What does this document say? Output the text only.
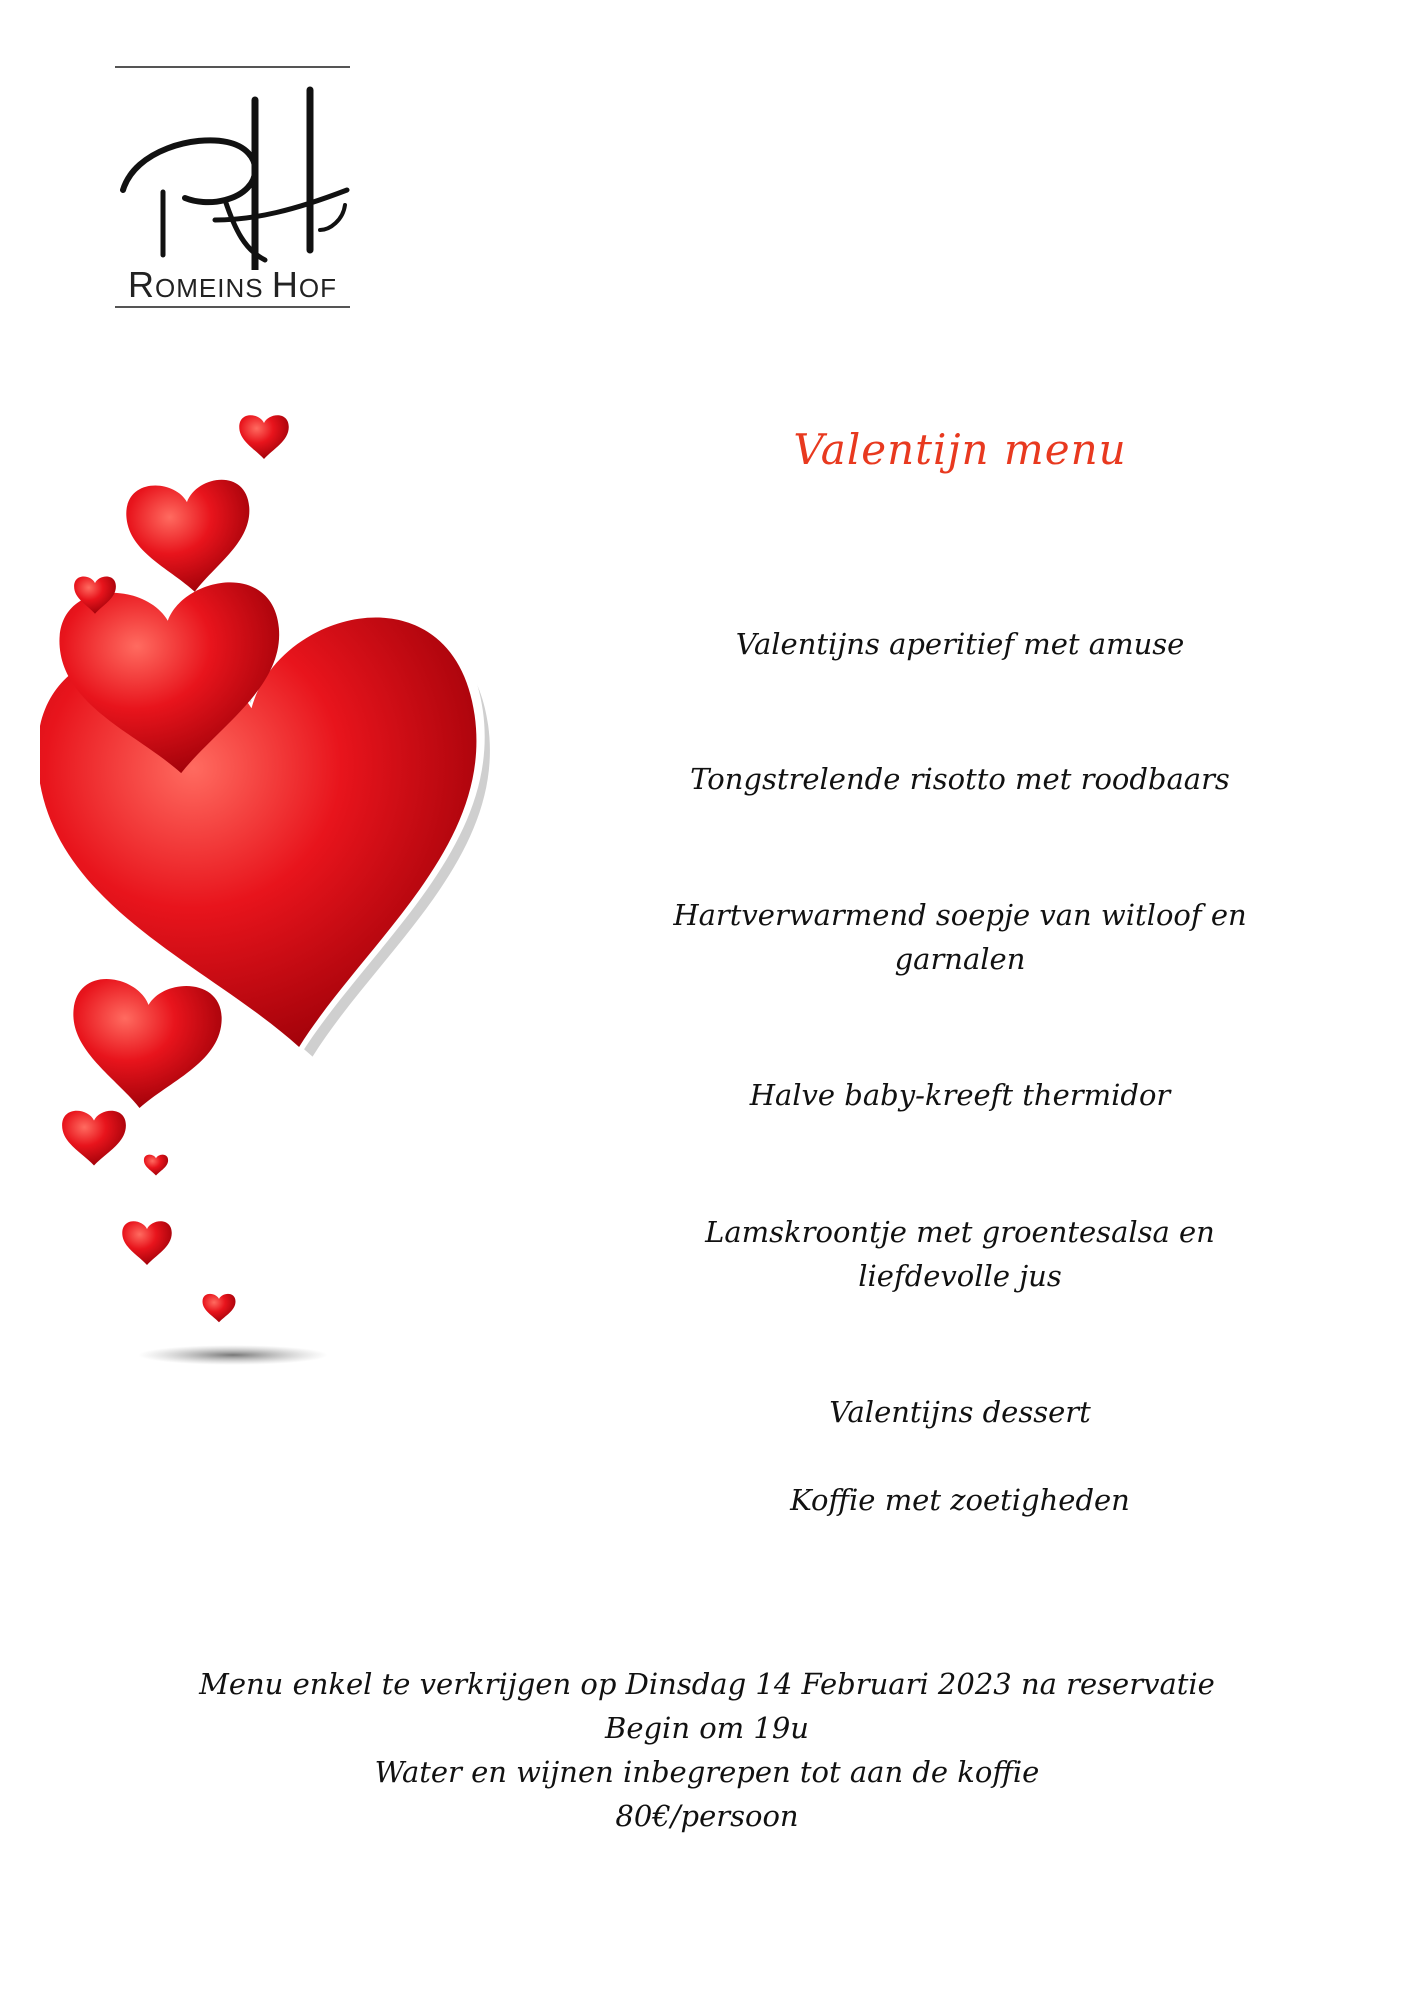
ROMEINS HOF
Valentijn menu
Valentijns aperitief met amuse
Tongstrelende risotto met roodbaars
Hartverwarmend soepje van witloof en
garnalen
Halve baby-kreeft thermidor
Lamskroontje met groentesalsa en
liefdevolle jus
Valentijns dessert
Koffie met zoetigheden
Menu enkel te verkrijgen op Dinsdag 14 Februari 2023 na reservatie
Begin om 19u
Water en wijnen inbegrepen tot aan de koffie
80€/persoon
